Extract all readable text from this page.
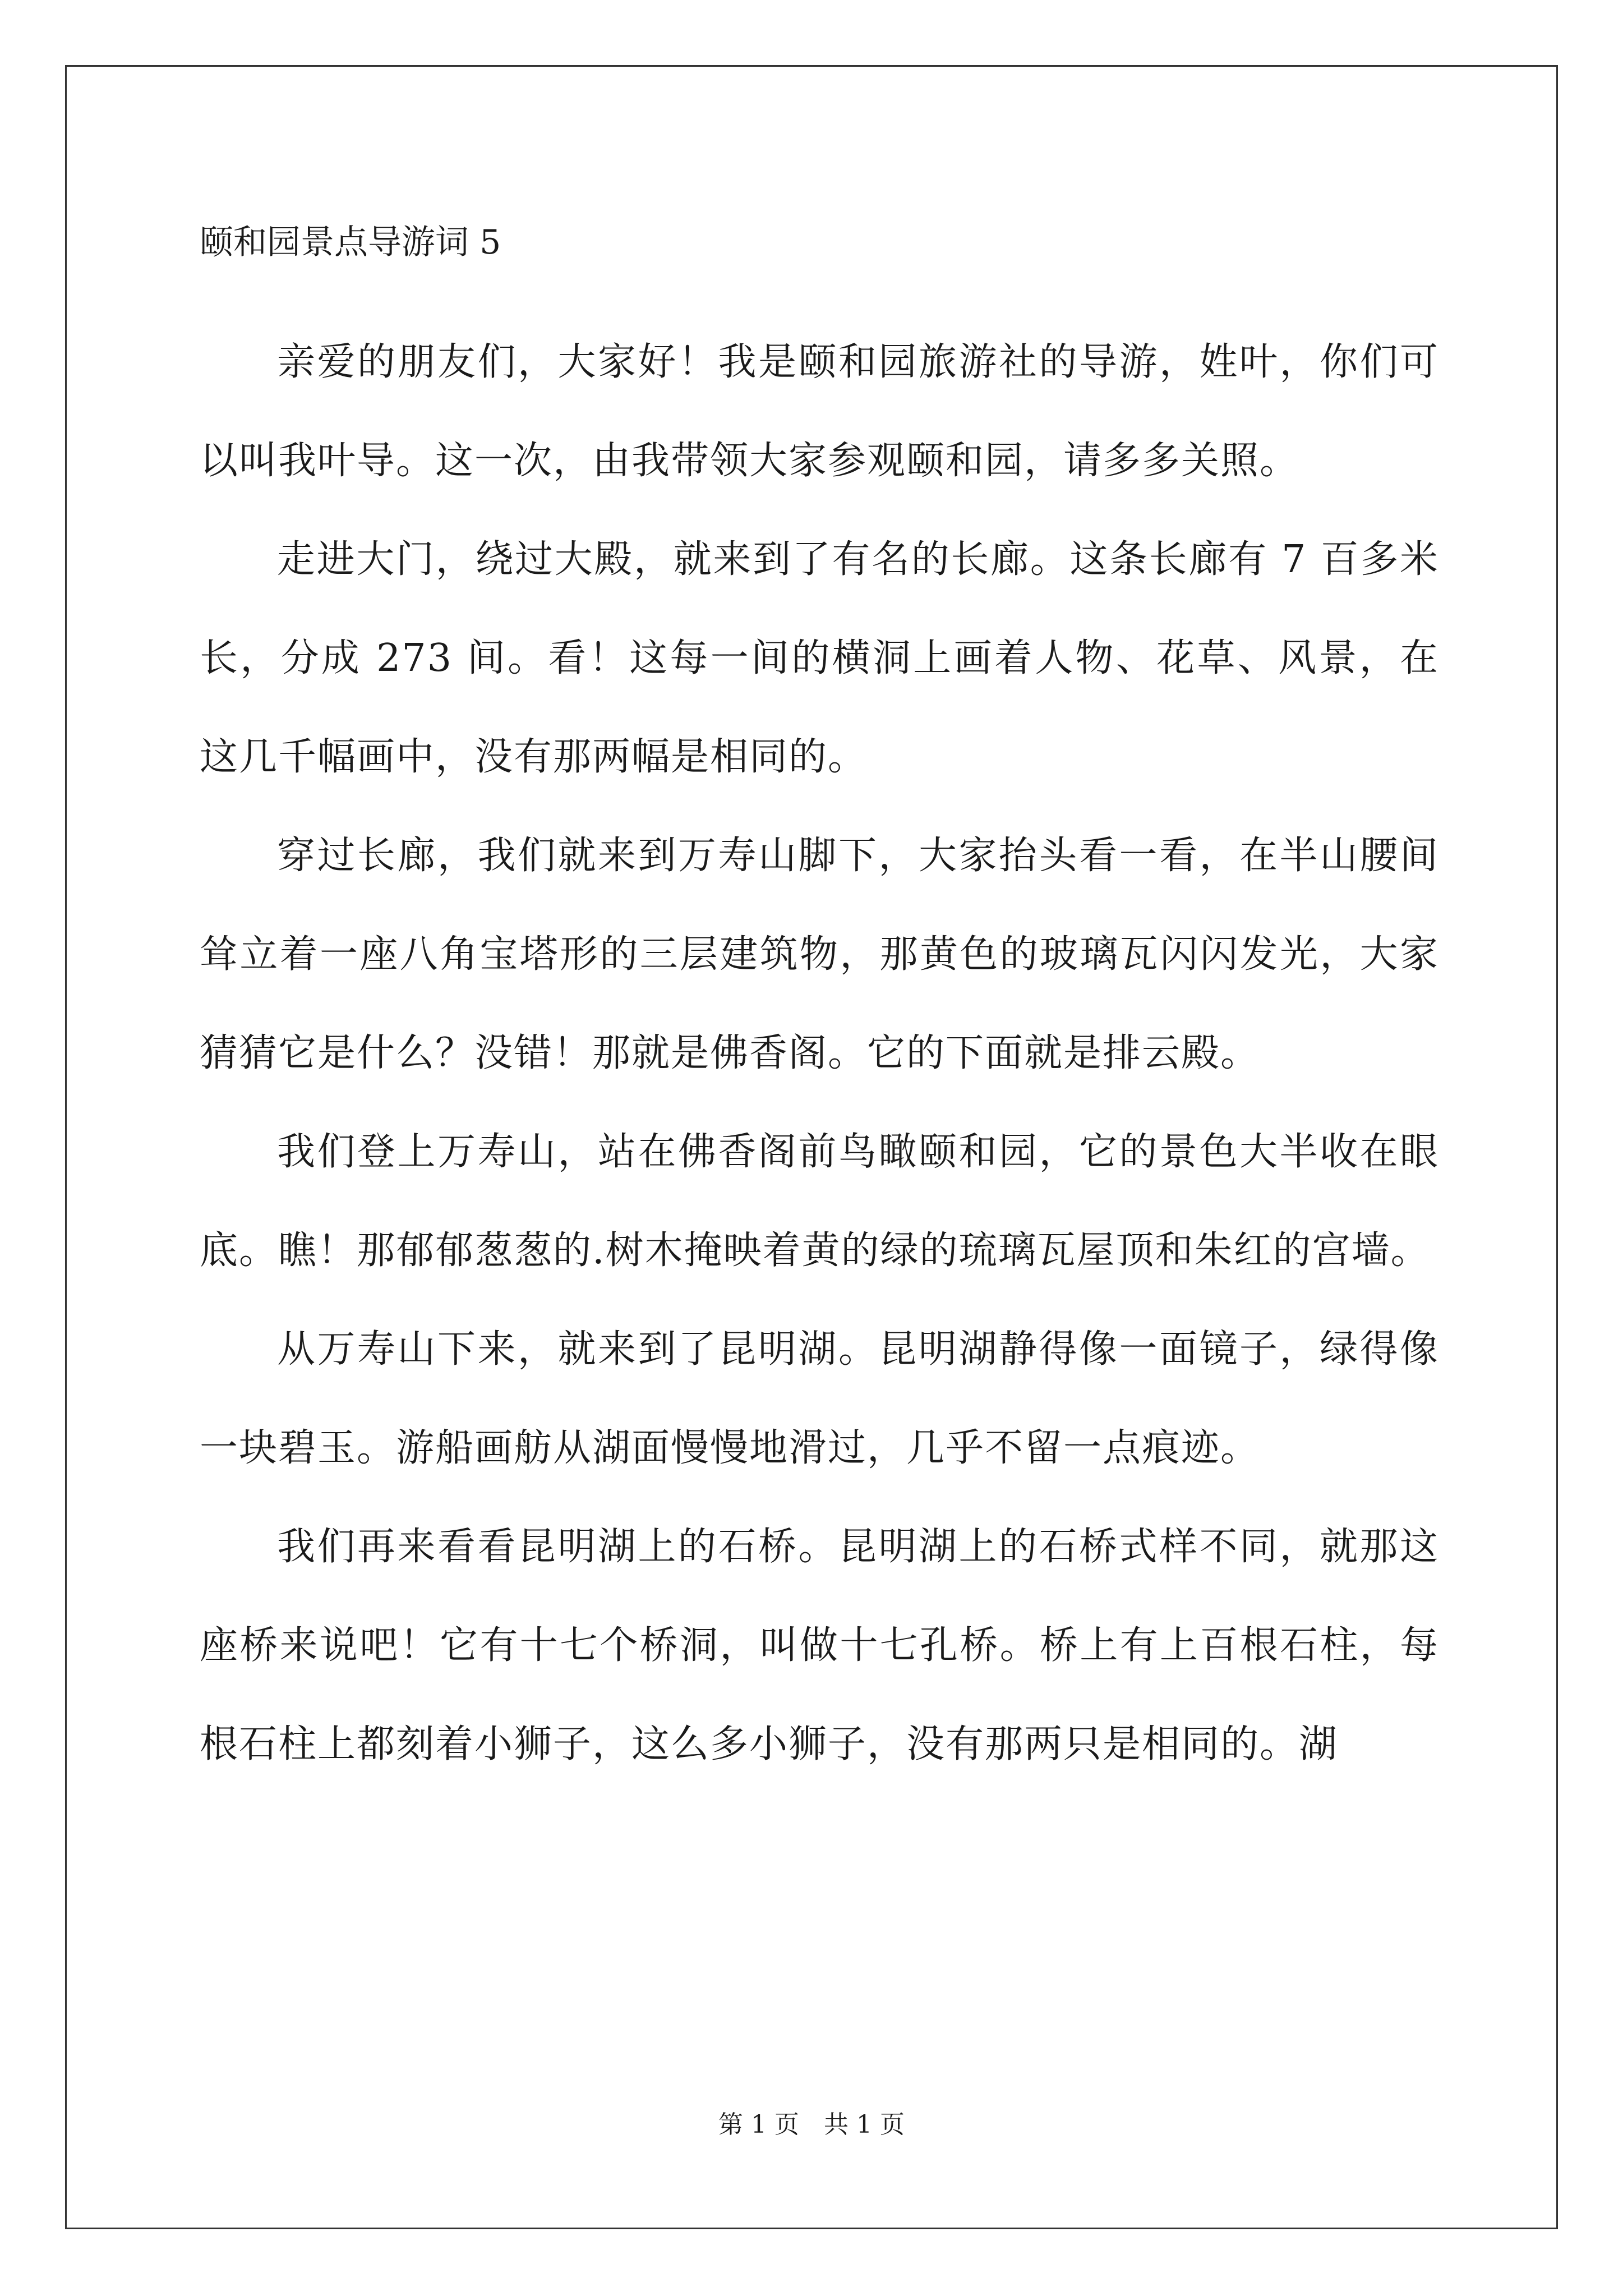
颐和园景点导游词 5

亲爱的朋友们，大家好！我是颐和园旅游社的导游，姓叶，你们可以叫我叶导。这一次，由我带领大家参观颐和园，请多多关照。

走进大门，绕过大殿，就来到了有名的长廊。这条长廊有 7 百多米长，分成 273 间。看！这每一间的横洞上画着人物、花草、风景，在这几千幅画中，没有那两幅是相同的。

穿过长廊，我们就来到万寿山脚下，大家抬头看一看，在半山腰间耸立着一座八角宝塔形的三层建筑物，那黄色的玻璃瓦闪闪发光，大家猜猜它是什么？没错！那就是佛香阁。它的下面就是排云殿。

我们登上万寿山，站在佛香阁前鸟瞰颐和园，它的景色大半收在眼底。瞧！那郁郁葱葱的.树木掩映着黄的绿的琉璃瓦屋顶和朱红的宫墙。

从万寿山下来，就来到了昆明湖。昆明湖静得像一面镜子，绿得像一块碧玉。游船画舫从湖面慢慢地滑过，几乎不留一点痕迹。

我们再来看看昆明湖上的石桥。昆明湖上的石桥式样不同，就那这座桥来说吧！它有十七个桥洞，叫做十七孔桥。桥上有上百根石柱，每根石柱上都刻着小狮子，这么多小狮子，没有那两只是相同的。湖

第 1 页　共 1 页
